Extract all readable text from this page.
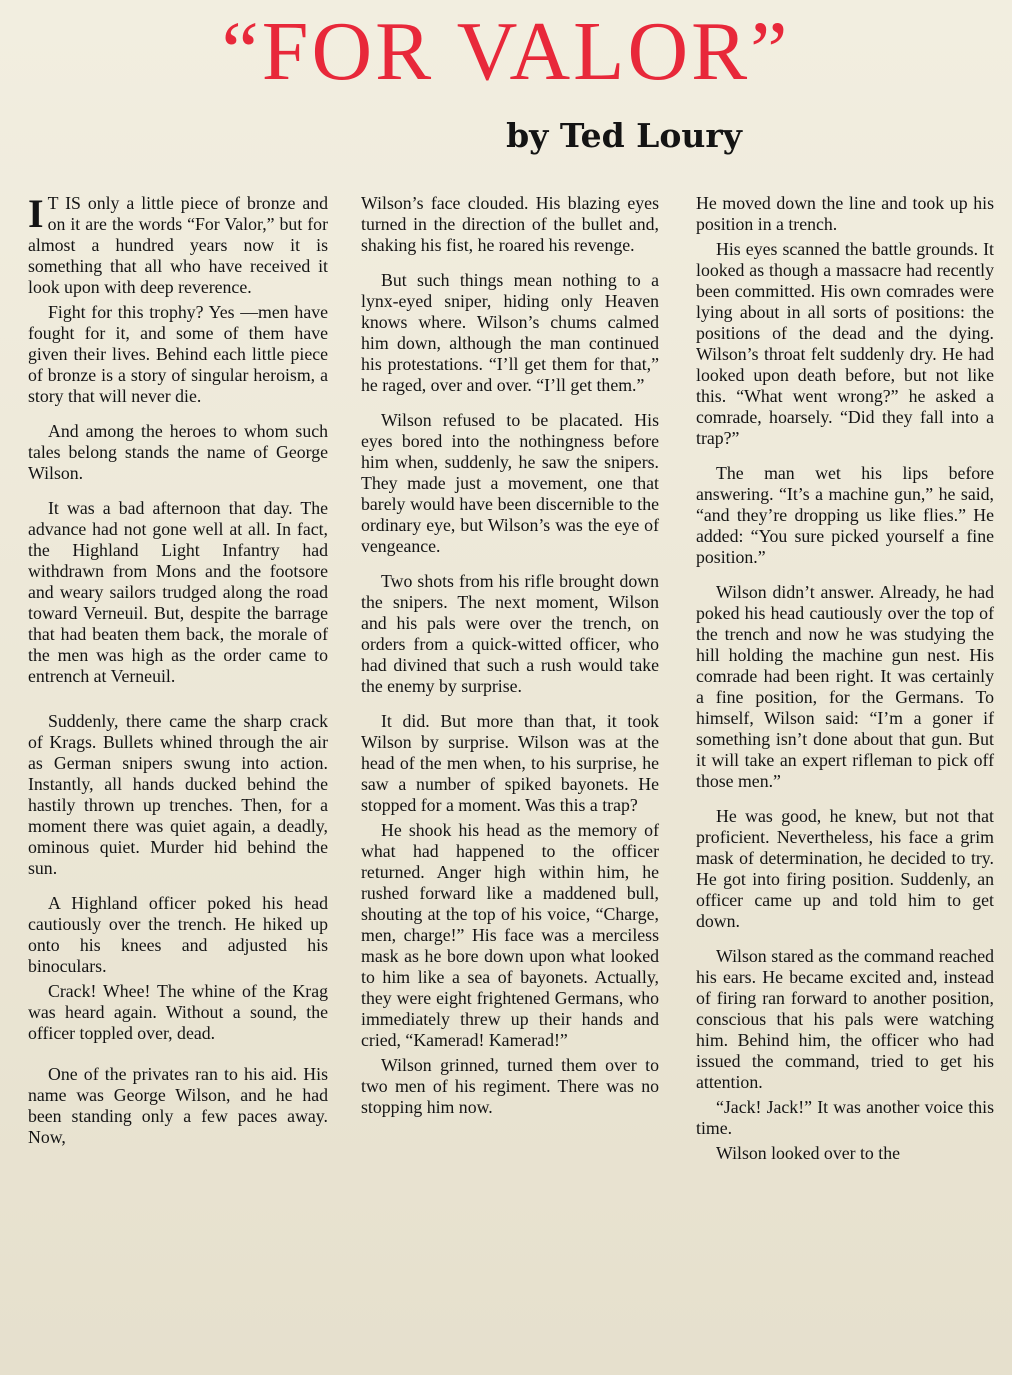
“FOR VALOR”
by Ted Loury

I T IS only a little piece of bronze and on it are the words “For Valor,” but for almost a hundred years now it is something that all who have received it look upon with deep reverence.

Fight for this trophy? Yes —men have fought for it, and some of them have given their lives. Behind each little piece of bronze is a story of singular heroism, a story that will never die.

And among the heroes to whom such tales belong stands the name of George Wilson.

It was a bad afternoon that day. The advance had not gone well at all. In fact, the Highland Light Infantry had withdrawn from Mons and the footsore and weary sailors trudged along the road toward Verneuil. But, despite the barrage that had beaten them back, the morale of the men was high as the order came to entrench at Verneuil.

Suddenly, there came the sharp crack of Krags. Bullets whined through the air as German snipers swung into action. Instantly, all hands ducked behind the hastily thrown up trenches. Then, for a moment there was quiet again, a deadly, ominous quiet. Murder hid behind the sun.

A Highland officer poked his head cautiously over the trench. He hiked up onto his knees and adjusted his binoculars.

Crack! Whee! The whine of the Krag was heard again. Without a sound, the officer toppled over, dead.

One of the privates ran to his aid. His name was George Wilson, and he had been standing only a few paces away. Now,

Wilson’s face clouded. His blazing eyes turned in the direction of the bullet and, shaking his fist, he roared his revenge.

But such things mean nothing to a lynx-eyed sniper, hiding only Heaven knows where. Wilson’s chums calmed him down, although the man continued his protestations. “I’ll get them for that,” he raged, over and over. “I’ll get them.”

Wilson refused to be placated. His eyes bored into the nothingness before him when, suddenly, he saw the snipers. They made just a movement, one that barely would have been discernible to the ordinary eye, but Wilson’s was the eye of vengeance.

Two shots from his rifle brought down the snipers. The next moment, Wilson and his pals were over the trench, on orders from a quick-witted officer, who had divined that such a rush would take the enemy by surprise.

It did. But more than that, it took Wilson by surprise. Wilson was at the head of the men when, to his surprise, he saw a number of spiked bayonets. He stopped for a moment. Was this a trap?

He shook his head as the memory of what had happened to the officer returned. Anger high within him, he rushed forward like a maddened bull, shouting at the top of his voice, “Charge, men, charge!” His face was a merciless mask as he bore down upon what looked to him like a sea of bayonets. Actually, they were eight frightened Germans, who immediately threw up their hands and cried, “Kamerad! Kamerad!”

Wilson grinned, turned them over to two men of his regiment. There was no stopping him now.

He moved down the line and took up his position in a trench.

His eyes scanned the battle grounds. It looked as though a massacre had recently been committed. His own comrades were lying about in all sorts of positions: the positions of the dead and the dying. Wilson’s throat felt suddenly dry. He had looked upon death before, but not like this. “What went wrong?” he asked a comrade, hoarsely. “Did they fall into a trap?”

The man wet his lips before answering. “It’s a machine gun,” he said, “and they’re dropping us like flies.” He added: “You sure picked yourself a fine position.”

Wilson didn’t answer. Already, he had poked his head cautiously over the top of the trench and now he was studying the hill holding the machine gun nest. His comrade had been right. It was certainly a fine position, for the Germans. To himself, Wilson said: “I’m a goner if something isn’t done about that gun. But it will take an expert rifleman to pick off those men.”

He was good, he knew, but not that proficient. Nevertheless, his face a grim mask of determination, he decided to try. He got into firing position. Suddenly, an officer came up and told him to get down.

Wilson stared as the command reached his ears. He became excited and, instead of firing ran forward to another position, conscious that his pals were watching him. Behind him, the officer who had issued the command, tried to get his attention.

“Jack! Jack!” It was another voice this time.

Wilson looked over to the
